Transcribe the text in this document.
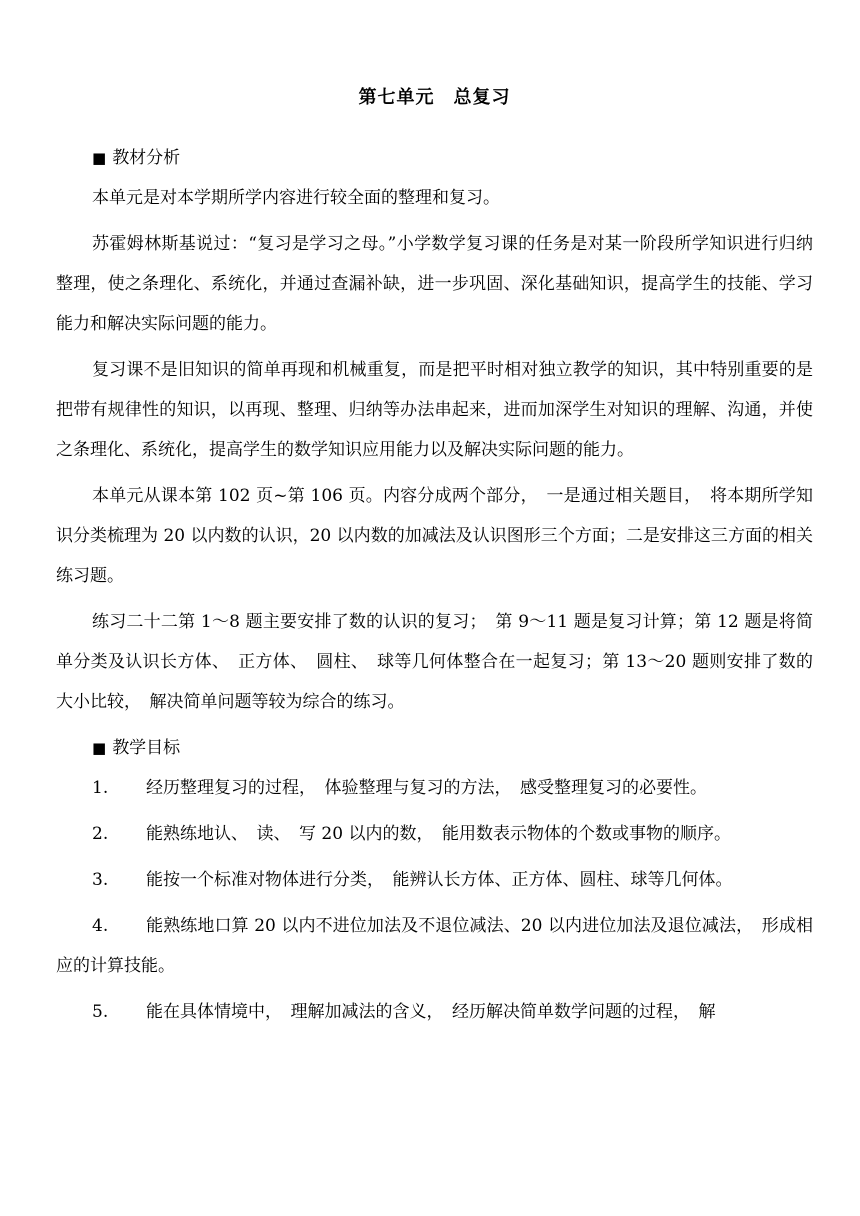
第七单元　总复习
■ 教材分析

本单元是对本学期所学内容进行较全面的整理和复习。

苏霍姆林斯基说过：“复习是学习之母。”小学数学复习课的任务是对某一阶段所学知识进行归纳整理，使之条理化、系统化，并通过查漏补缺，进一步巩固、深化基础知识，提高学生的技能、学习能力和解决实际问题的能力。

复习课不是旧知识的简单再现和机械重复，而是把平时相对独立教学的知识，其中特别重要的是把带有规律性的知识，以再现、整理、归纳等办法串起来，进而加深学生对知识的理解、沟通，并使之条理化、系统化，提高学生的数学知识应用能力以及解决实际问题的能力。

本单元从课本第 102 页~第 106 页。内容分成两个部分，　一是通过相关题目，　将本期所学知识分类梳理为 20 以内数的认识，20 以内数的加减法及认识图形三个方面；二是安排这三方面的相关练习题。

练习二十二第 1～8 题主要安排了数的认识的复习；　第 9～11 题是复习计算；第 12 题是将简单分类及认识长方体、　正方体、　圆柱、　球等几何体整合在一起复习；第 13～20 题则安排了数的大小比较，　解决简单问题等较为综合的练习。

■ 教学目标

1. 经历整理复习的过程，　体验整理与复习的方法，　感受整理复习的必要性。

2. 能熟练地认、　读、　写 20 以内的数，　能用数表示物体的个数或事物的顺序。

3. 能按一个标准对物体进行分类，　能辨认长方体、正方体、圆柱、球等几何体。

4. 能熟练地口算 20 以内不进位加法及不退位减法、20 以内进位加法及退位减法，　形成相应的计算技能。

5. 能在具体情境中，　理解加减法的含义，　经历解决简单数学问题的过程，　解
